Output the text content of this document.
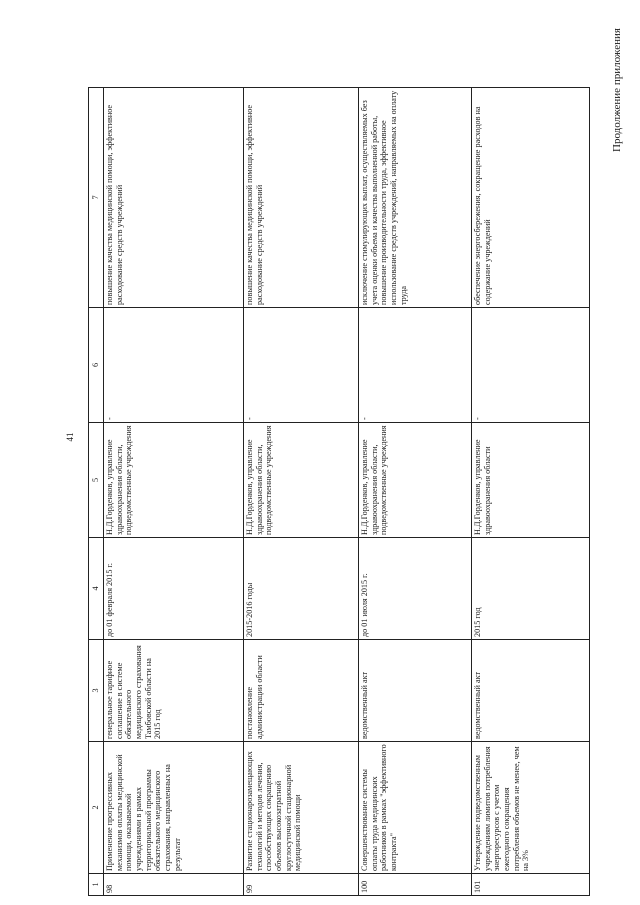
41
Продолжение приложения
1	2	3	4	5	6	7
98	Применение прогрессивных механизмов оплаты медицинской помощи, оказываемой учреждениями в рамках территориальной программы обязательного медицинского страхования, направленных на результат	генеральное тарифное соглашение в системе обязательного медицинского страхования Тамбовской области на 2015 год	до 01 февраля 2015 г.	Н.Д.Горденков, управление здравоохранения области, подведомственные учреждения	-	повышение качества медицинской помощи, эффективное расходование средств учреждений
99	Развитие стационарозамещающих технологий и методов лечения, способствующих сокращению объемов высокозатратной круглосуточной стационарной медицинской помощи	постановление администрации области	2015-2016 годы	Н.Д.Горденков, управление здравоохранения области, подведомственные учреждения	-	повышение качества медицинской помощи, эффективное расходование средств учреждений
100	Совершенствование системы оплаты труда медицинских работников в рамках "эффективного контракта"	ведомственный акт	до 01 июля 2015 г.	Н.Д.Горденков, управление здравоохранения области, подведомственные учреждения	-	исключение стимулирующих выплат, осуществляемых без учета оценки объема и качества выполненной работы, повышение производительности труда, эффективное использование средств учреждений, направляемых на оплату труда
101	Утверждение подведомственным учреждениям лимитов потребления энергоресурсов с учетом ежегодного сокращения потребления объемов не менее, чем на 3%	ведомственный акт	2015 год	Н.Д.Горденков, управление здравоохранения области	-	обеспечение энергосбережения, сокращение расходов на содержание учреждений
